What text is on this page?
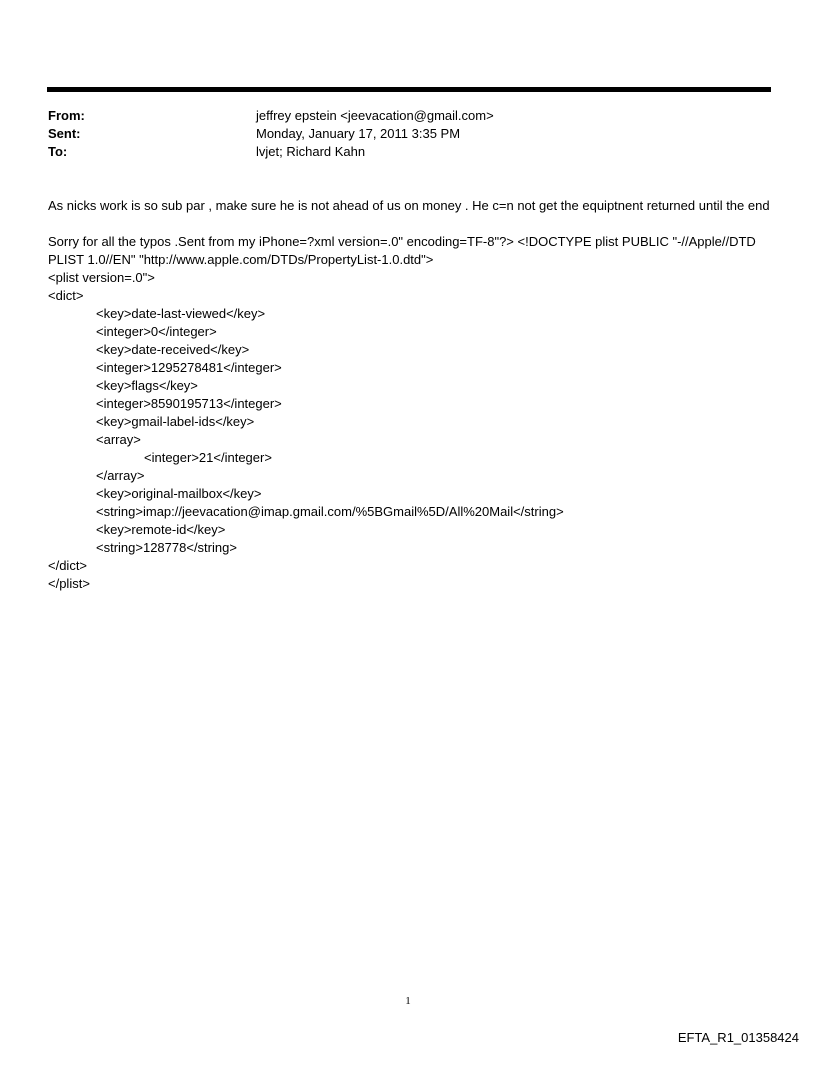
From:	jeffrey epstein <jeevacation@gmail.com>
Sent:	Monday, January 17, 2011 3:35 PM
To:	lvjet; Richard Kahn

As nicks work is so sub par , make sure he is not ahead of us on money . He c=n not get the equiptnent returned until the end

Sorry for all the typos .Sent from my iPhone=?xml version=.0" encoding=TF-8"?> <!DOCTYPE plist PUBLIC "-//Apple//DTD PLIST 1.0//EN" "http://www.apple.com/DTDs/PropertyList-1.0.dtd">

<plist version=.0">
<dict>
<key>date-last-viewed</key>
<integer>0</integer>
<key>date-received</key>
<integer>1295278481</integer>
<key>flags</key>
<integer>8590195713</integer>
<key>gmail-label-ids</key>
<array>
<integer>21</integer>
</array>
<key>original-mailbox</key>
<string>imap://jeevacation@imap.gmail.com/%5BGmail%5D/All%20Mail</string>
<key>remote-id</key>
<string>128778</string>
</dict>
</plist>
1
EFTA_R1_01358424
